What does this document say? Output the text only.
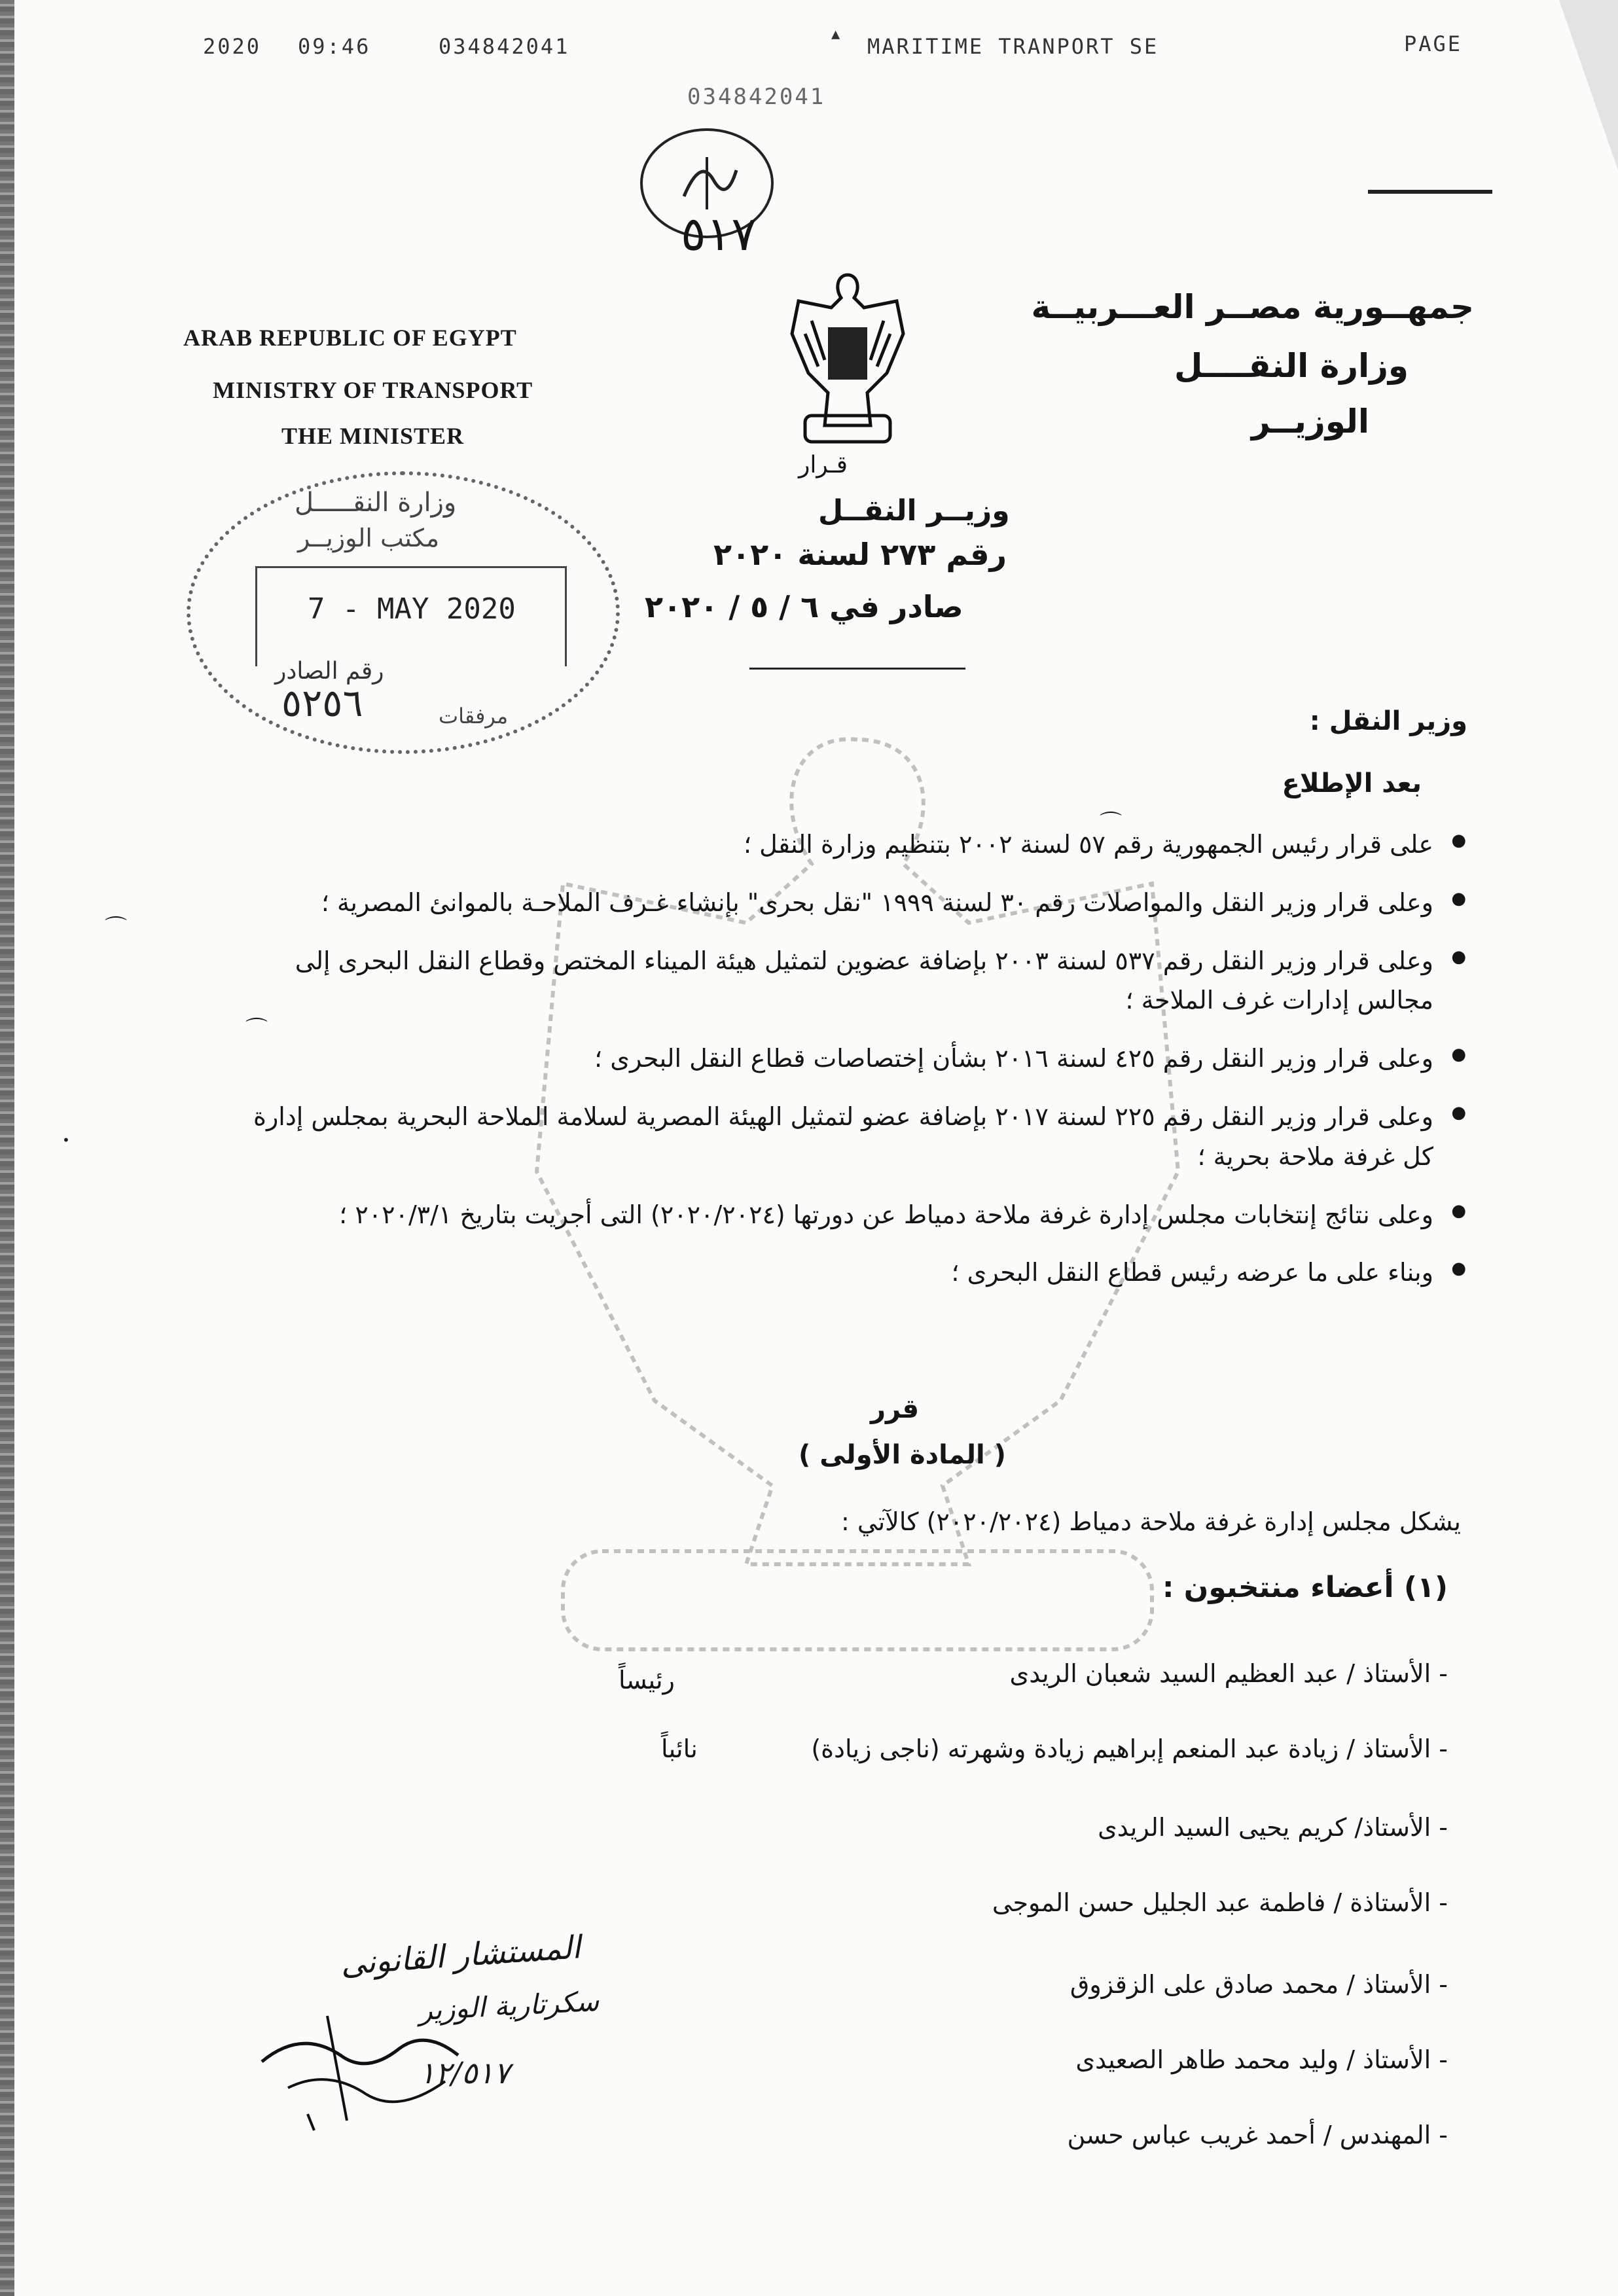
2020 09:46	034842041	▲ MARITIME TRANPORT SE	PAGE
034842041
٥١٧
ARAB REPUBLIC OF EGYPT
MINISTRY OF TRANSPORT
THE MINISTER
قـرار
جمهــورية مصــر العـــربيــة
وزارة النقــــل
الوزيــر
وزارة النقـــــل
مكتب الوزيــر
7 - MAY 2020
رقم الصادر
٥٢٥٦	مرفقات
وزيــر النقــل
رقم ٢٧٣ لسنة ٢٠٢٠
صادر في ٦ / ٥ / ٢٠٢٠
وزير النقل :
بعد الإطلاع
● على قرار رئيس الجمهورية رقم ٥٧ لسنة ٢٠٠٢ بتنظيم وزارة النقل ؛
● وعلى قرار وزير النقل والمواصلات رقم ٣٠ لسنة ١٩٩٩ "نقل بحرى" بإنشاء غـرف الملاحـة بالموانئ المصرية ؛
● وعلى قرار وزير النقل رقم ٥٣٧ لسنة ٢٠٠٣ بإضافة عضوين لتمثيل هيئة الميناء المختص وقطاع النقل البحرى إلى مجالس إدارات غرف الملاحة ؛
● وعلى قرار وزير النقل رقم ٤٢٥ لسنة ٢٠١٦ بشأن إختصاصات قطاع النقل البحرى ؛
● وعلى قرار وزير النقل رقم ٢٢٥ لسنة ٢٠١٧ بإضافة عضو لتمثيل الهيئة المصرية لسلامة الملاحة البحرية بمجلس إدارة كل غرفة ملاحة بحرية ؛
● وعلى نتائج إنتخابات مجلس إدارة غرفة ملاحة دمياط عن دورتها (٢٠٢٠/٢٠٢٤) التى أجريت بتاريخ ٢٠٢٠/٣/١ ؛
● وبناء على ما عرضه رئيس قطاع النقل البحرى ؛
قرر
( المادة الأولى )
يشكل مجلس إدارة غرفة ملاحة دمياط (٢٠٢٠/٢٠٢٤) كالآتي :
(١) أعضاء منتخبون :
- الأستاذ / عبد العظيم السيد شعبان الريدى
رئيساً
- الأستاذ / زيادة عبد المنعم إبراهيم زيادة وشهرته (ناجى زيادة)
نائباً
- الأستاذ/ كريم يحيى السيد الريدى
- الأستاذة / فاطمة عبد الجليل حسن الموجى
- الأستاذ / محمد صادق على الزقزوق
- الأستاذ / وليد محمد طاهر الصعيدى
- المهندس / أحمد غريب عباس حسن
المستشار القانونى
سكرتارية الوزير
١٢/٥١٧
⌒
⌒
•
⌒
